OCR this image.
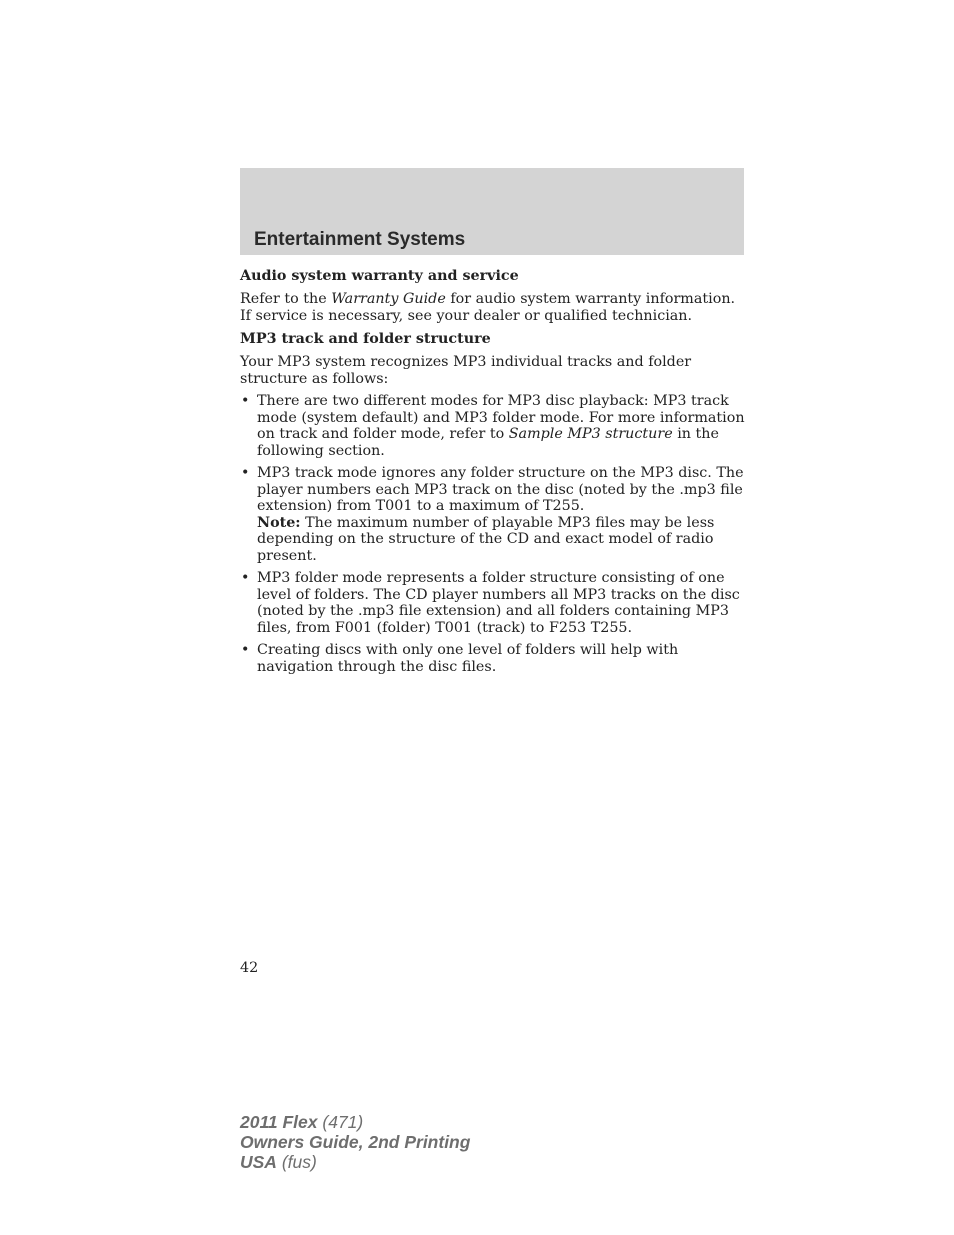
Entertainment Systems
Audio system warranty and service

Refer to the Warranty Guide for audio system warranty information. If service is necessary, see your dealer or qualified technician.

MP3 track and folder structure

Your MP3 system recognizes MP3 individual tracks and folder structure as follows:

• There are two different modes for MP3 disc playback: MP3 track mode (system default) and MP3 folder mode. For more information on track and folder mode, refer to Sample MP3 structure in the following section.
• MP3 track mode ignores any folder structure on the MP3 disc. The player numbers each MP3 track on the disc (noted by the .mp3 file extension) from T001 to a maximum of T255.
Note: The maximum number of playable MP3 files may be less depending on the structure of the CD and exact model of radio present.
• MP3 folder mode represents a folder structure consisting of one level of folders. The CD player numbers all MP3 tracks on the disc (noted by the .mp3 file extension) and all folders containing MP3 files, from F001 (folder) T001 (track) to F253 T255.
• Creating discs with only one level of folders will help with navigation through the disc files.
42
2011 Flex (471)
Owners Guide, 2nd Printing
USA (fus)
